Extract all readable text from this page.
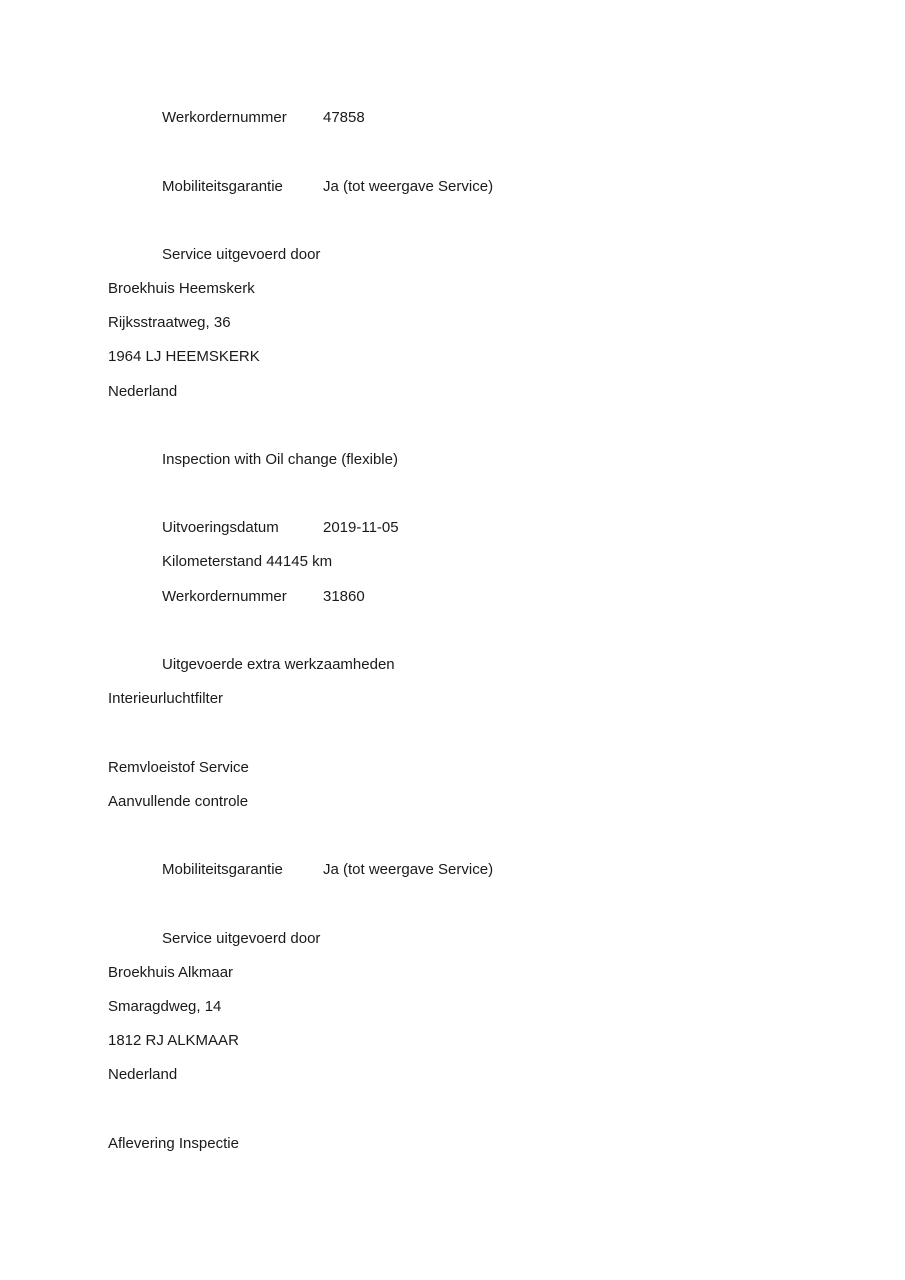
Werkordernummer 47858
Mobiliteitsgarantie	Ja (tot weergave Service)
Service uitgevoerd door
Broekhuis Heemskerk
Rijksstraatweg, 36
1964 LJ HEEMSKERK
Nederland
Inspection with Oil change (flexible)
Uitvoeringsdatum	2019-11-05
Kilometerstand 44145 km
Werkordernummer 31860
Uitgevoerde extra werkzaamheden
Interieurluchtfilter
Remvloeistof Service
Aanvullende controle
Mobiliteitsgarantie	Ja (tot weergave Service)
Service uitgevoerd door
Broekhuis Alkmaar
Smaragdweg, 14
1812 RJ ALKMAAR
Nederland
Aflevering Inspectie
